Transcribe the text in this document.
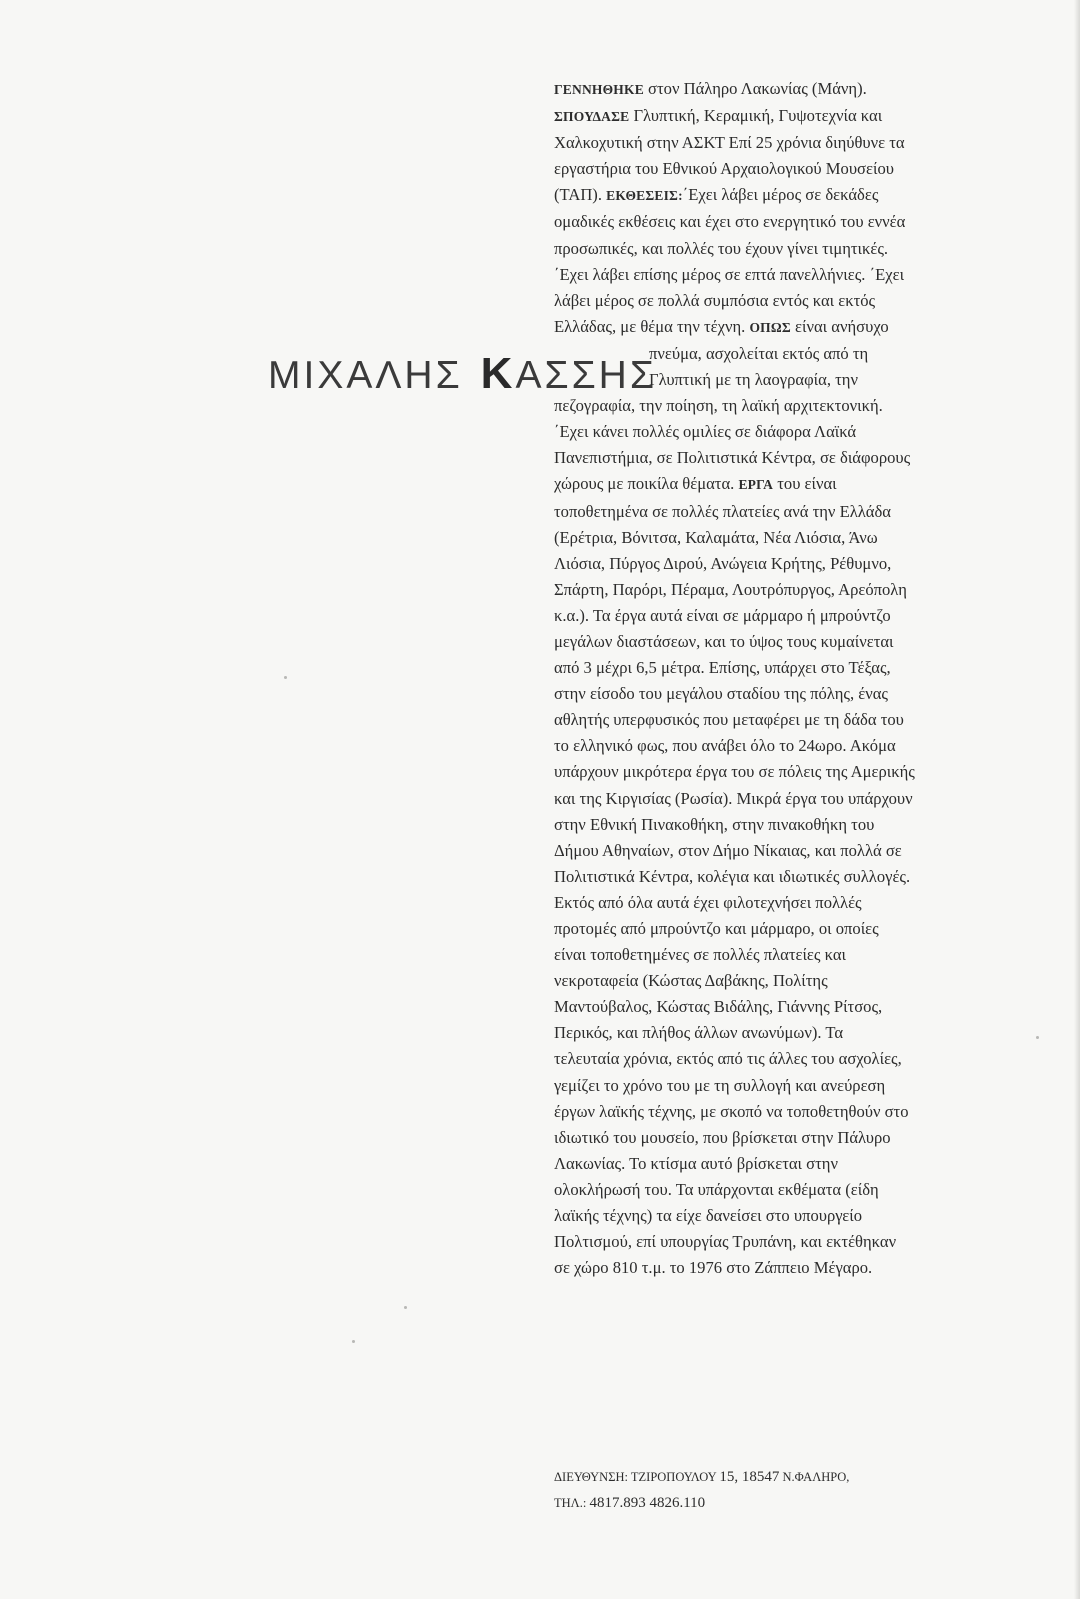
ΜΙΧΑΛΗΣ ΚΑΣΣΗΣ
ΓΕΝΝΗΘΗΚΕ στον Πάληρο Λακωνίας (Μάνη).
ΣΠΟΥΔΑΣΕ Γλυπτική, Κεραμική, Γυψοτεχνία και
Χαλκοχυτική στην ΑΣΚΤ Επί 25 χρόνια διηύθυνε τα
εργαστήρια του Εθνικού Αρχαιολογικού Μουσείου
(ΤΑΠ). ΕΚΘΕΣΕΙΣ:΄Εχει λάβει μέρος σε δεκάδες
ομαδικές εκθέσεις και έχει στο ενεργητικό του εννέα
προσωπικές, και πολλές του έχουν γίνει τιμητικές.
΄Εχει λάβει επίσης μέρος σε επτά πανελλήνιες. ΄Εχει
λάβει μέρος σε πολλά συμπόσια εντός και εκτός
Ελλάδας, με θέμα την τέχνη. ΟΠΩΣ είναι ανήσυχο
πνεύμα, ασχολείται εκτός από τη
Γλυπτική με τη λαογραφία, την
πεζογραφία, την ποίηση, τη λαϊκή αρχιτεκτονική.
΄Εχει κάνει πολλές ομιλίες σε διάφορα Λαϊκά
Πανεπιστήμια, σε Πολιτιστικά Κέντρα, σε διάφορους
χώρους με ποικίλα θέματα. ΕΡΓΑ του είναι
τοποθετημένα σε πολλές πλατείες ανά την Ελλάδα
(Ερέτρια, Βόνιτσα, Καλαμάτα, Νέα Λιόσια, Άνω
Λιόσια, Πύργος Διρού, Ανώγεια Κρήτης, Ρέθυμνο,
Σπάρτη, Παρόρι, Πέραμα, Λουτρόπυργος, Αρεόπολη
κ.α.). Τα έργα αυτά είναι σε μάρμαρο ή μπρούντζο
μεγάλων διαστάσεων, και το ύψος τους κυμαίνεται
από 3 μέχρι 6,5 μέτρα. Επίσης, υπάρχει στο Τέξας,
στην είσοδο του μεγάλου σταδίου της πόλης, ένας
αθλητής υπερφυσικός που μεταφέρει με τη δάδα του
το ελληνικό φως, που ανάβει όλο το 24ωρο. Ακόμα
υπάρχουν μικρότερα έργα του σε πόλεις της Αμερικής
και της Κιργισίας (Ρωσία). Μικρά έργα του υπάρχουν
στην Εθνική Πινακοθήκη, στην πινακοθήκη του
Δήμου Αθηναίων, στον Δήμο Νίκαιας, και πολλά σε
Πολιτιστικά Κέντρα, κολέγια και ιδιωτικές συλλογές.
Εκτός από όλα αυτά έχει φιλοτεχνήσει πολλές
προτομές από μπρούντζο και μάρμαρο, οι οποίες
είναι τοποθετημένες σε πολλές πλατείες και
νεκροταφεία (Κώστας Δαβάκης, Πολίτης
Μαντούβαλος, Κώστας Βιδάλης, Γιάννης Ρίτσος,
Περικός, και πλήθος άλλων ανωνύμων). Τα
τελευταία χρόνια, εκτός από τις άλλες του ασχολίες,
γεμίζει το χρόνο του με τη συλλογή και ανεύρεση
έργων λαϊκής τέχνης, με σκοπό να τοποθετηθούν στο
ιδιωτικό του μουσείο, που βρίσκεται στην Πάλυρο
Λακωνίας. Το κτίσμα αυτό βρίσκεται στην
ολοκλήρωσή του. Τα υπάρχονται εκθέματα (είδη
λαϊκής τέχνης) τα είχε δανείσει στο υπουργείο
Πολτισμού, επί υπουργίας Τρυπάνη, και εκτέθηκαν
σε χώρο 810 τ.μ. το 1976 στο Ζάππειο Μέγαρο.
ΔΙΕΥΘΥΝΣΗ: ΤΖΙΡΟΠΟΥΛΟΥ 15, 18547 Ν.ΦΑΛΗΡΟ,
ΤΗΛ.: 4817.893 4826.110
